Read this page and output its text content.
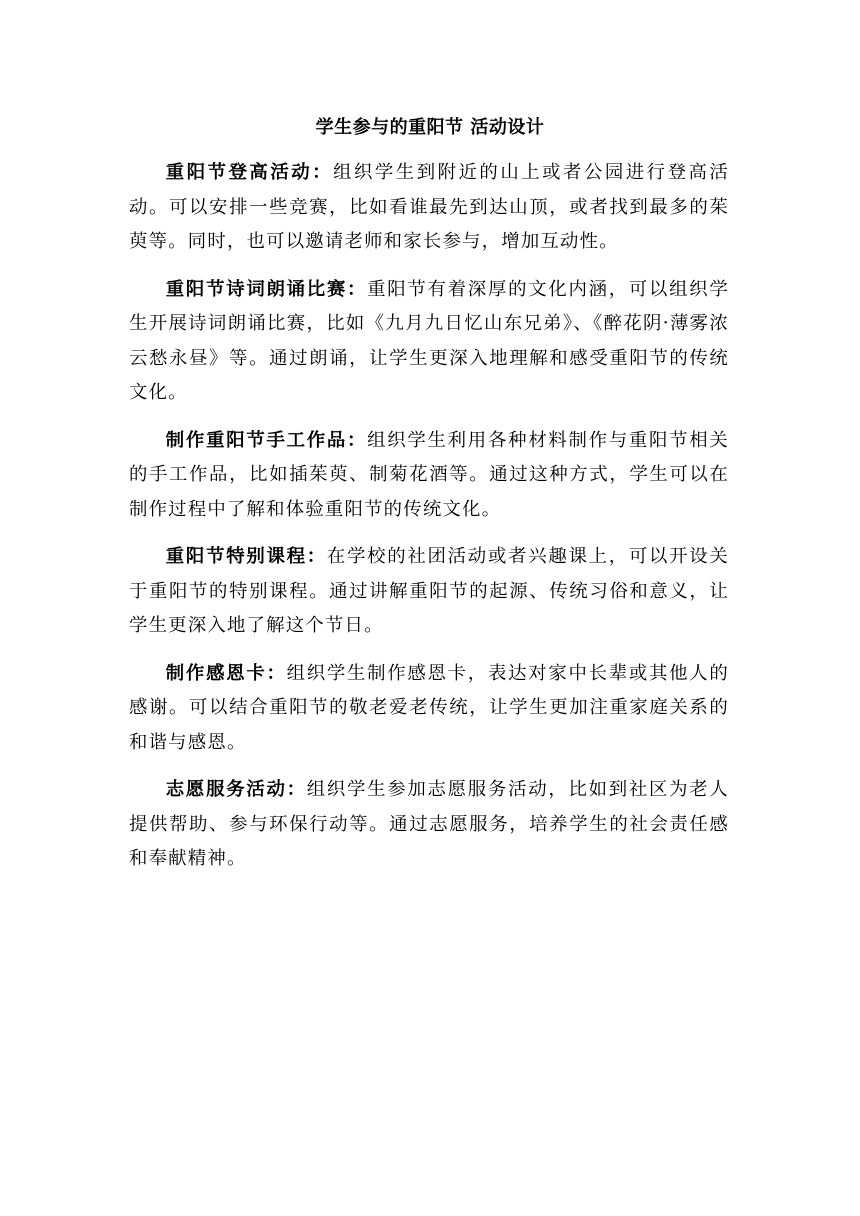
学生参与的重阳节 活动设计

重阳节登高活动：组织学生到附近的山上或者公园进行登高活动。可以安排一些竞赛，比如看谁最先到达山顶，或者找到最多的茱萸等。同时，也可以邀请老师和家长参与，增加互动性。

重阳节诗词朗诵比赛：重阳节有着深厚的文化内涵，可以组织学生开展诗词朗诵比赛，比如《九月九日忆山东兄弟》、《醉花阴·薄雾浓云愁永昼》等。通过朗诵，让学生更深入地理解和感受重阳节的传统文化。

制作重阳节手工作品：组织学生利用各种材料制作与重阳节相关的手工作品，比如插茱萸、制菊花酒等。通过这种方式，学生可以在制作过程中了解和体验重阳节的传统文化。

重阳节特别课程：在学校的社团活动或者兴趣课上，可以开设关于重阳节的特别课程。通过讲解重阳节的起源、传统习俗和意义，让学生更深入地了解这个节日。

制作感恩卡：组织学生制作感恩卡，表达对家中长辈或其他人的感谢。可以结合重阳节的敬老爱老传统，让学生更加注重家庭关系的和谐与感恩。

志愿服务活动：组织学生参加志愿服务活动，比如到社区为老人提供帮助、参与环保行动等。通过志愿服务，培养学生的社会责任感和奉献精神。
